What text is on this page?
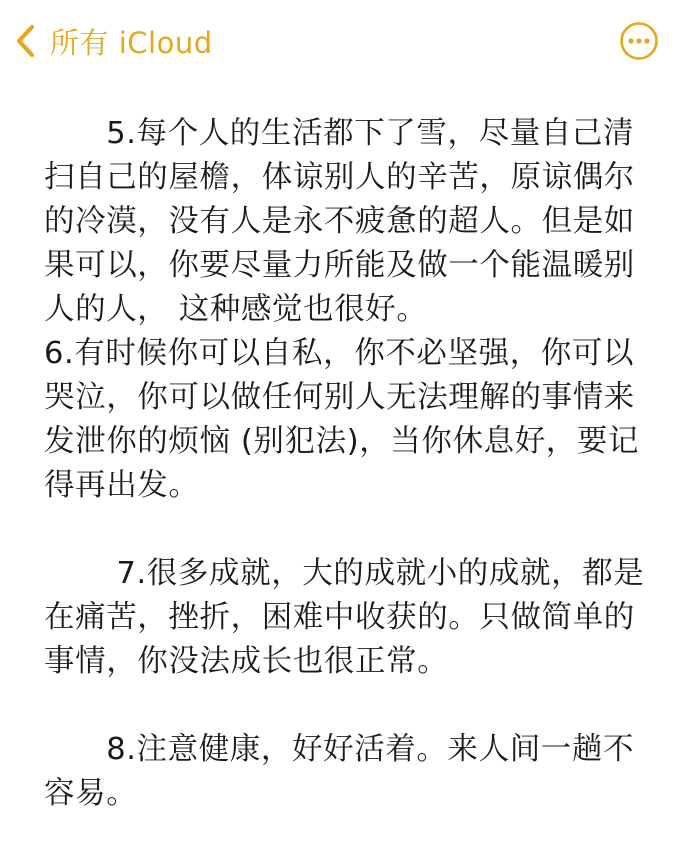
所有 iCloud

　　5.每个人的生活都下了雪，尽量自己清扫自己的屋檐，体谅别人的辛苦，原谅偶尔的冷漠，没有人是永不疲惫的超人。但是如果可以，你要尽量力所能及做一个能温暖别人的人， 这种感觉也很好。

6.有时候你可以自私，你不必坚强，你可以哭泣，你可以做任何别人无法理解的事情来发泄你的烦恼 (别犯法)，当你休息好，要记得再出发。

　　 7.很多成就，大的成就小的成就，都是在痛苦，挫折，困难中收获的。只做简单的事情，你没法成长也很正常。

　　8.注意健康，好好活着。来人间一趟不容易。
